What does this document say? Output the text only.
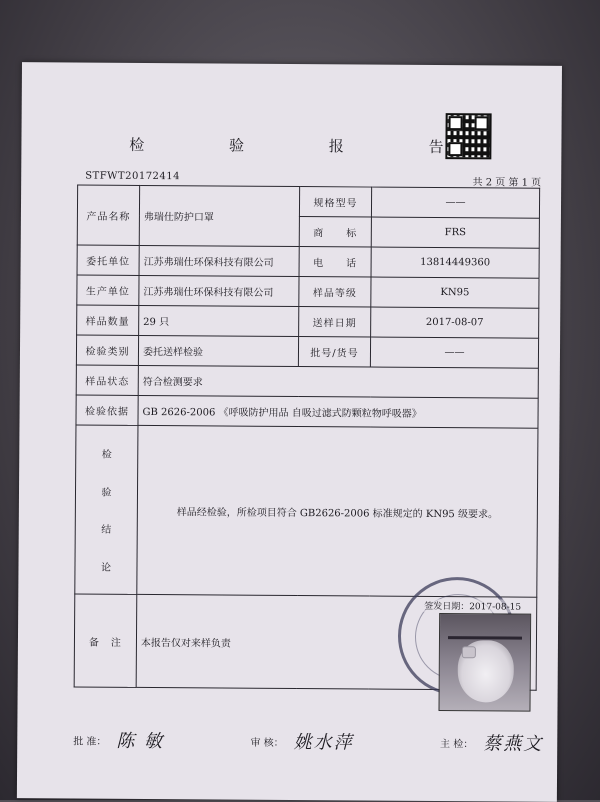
检 验 报 告
STFWT20172414
共 2 页 第 1 页
产品名称	弗瑞仕防护口罩	规格型号	——
		商　　标	FRS
委托单位	江苏弗瑞仕环保科技有限公司	电　　话	13814449360
生产单位	江苏弗瑞仕环保科技有限公司	样品等级	KN95
样品数量	29 只	送样日期	2017-08-07
检验类别	委托送样检验	批号/货号	——
样品状态	符合检测要求		
检验依据	GB 2626-2006 《呼吸防护用品 自吸过滤式防颗粒物呼吸器》		

检
验
结
论	样品经检验，所检项目符合 GB2626-2006 标准规定的 KN95 级要求。		
备　注	本报告仅对来样负责		
签发日期：2017-08-15
批 准： 陈 敏	审 核： 姚水萍	主 检： 蔡燕文
